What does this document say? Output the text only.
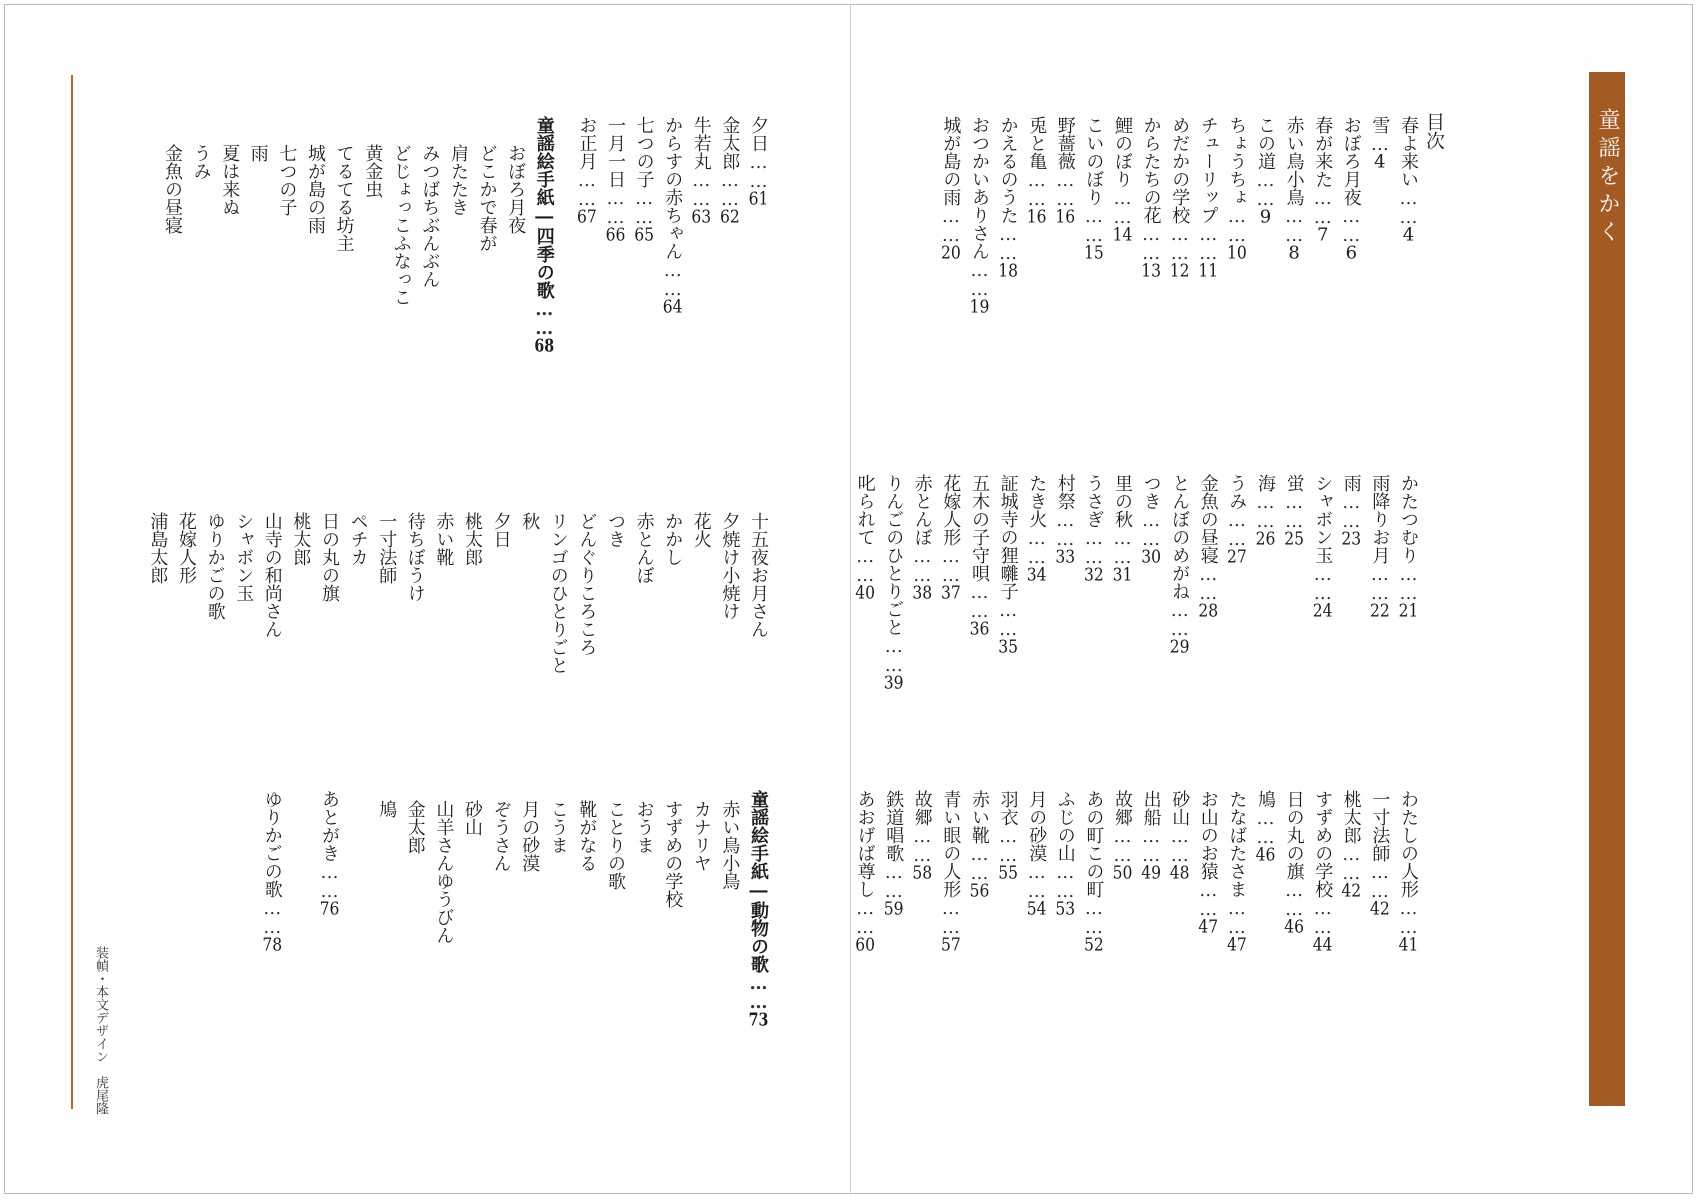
童謡をかく
目次
装幀・本文デザイン　虎尾隆
春よ来い……4
雪…4
おぼろ月夜……6
春が来た……7
赤い鳥小鳥……8
この道……9
ちょうちょ……10
チューリップ……11
めだかの学校……12
からたちの花……13
鯉のぼり……14
こいのぼり……15
野薔薇……16
兎と亀……16
かえるのうた……18
おつかいありさん……19
城が島の雨……20
かたつむり……21
雨降りお月……22
雨……23
シャボン玉……24
蛍……25
海……26
うみ……27
金魚の昼寝……28
とんぼのめがね……29
つき……30
里の秋……31
うさぎ……32
村祭……33
たき火……34
証城寺の狸囃子……35
五木の子守唄……36
花嫁人形……37
赤とんぼ……38
りんごのひとりごと……39
叱られて……40
わたしの人形……41
一寸法師……42
桃太郎……42
すずめの学校……44
日の丸の旗……46
鳩……46
たなばたさま……47
お山のお猿……47
砂山……48
出船……49
故郷……50
あの町この町……52
ふじの山……53
月の砂漠……54
羽衣……55
赤い靴……56
青い眼の人形……57
故郷……58
鉄道唱歌……59
あおげば尊し……60
夕日……61
金太郎……62
牛若丸……63
からすの赤ちゃん……64
七つの子……65
一月一日……66
お正月……67
童謡絵手紙―四季の歌……68
おぼろ月夜
どこかで春が
肩たたき
みつばちぶんぶん
どじょっこふなっこ
黄金虫
てるてる坊主
城が島の雨
七つの子
雨
夏は来ぬ
うみ
金魚の昼寝
十五夜お月さん
夕焼け小焼け
花火
かかし
赤とんぼ
つき
どんぐりころころ
リンゴのひとりごと
秋
夕日
桃太郎
赤い靴
待ちぼうけ
一寸法師
ペチカ
日の丸の旗
桃太郎
山寺の和尚さん
シャボン玉
ゆりかごの歌
花嫁人形
浦島太郎
童謡絵手紙―動物の歌……73
赤い鳥小鳥
カナリヤ
すずめの学校
おうま
ことりの歌
靴がなる
こうま
月の砂漠
ぞうさん
砂山
山羊さんゆうびん
金太郎
鳩
あとがき……76
ゆりかごの歌……78
